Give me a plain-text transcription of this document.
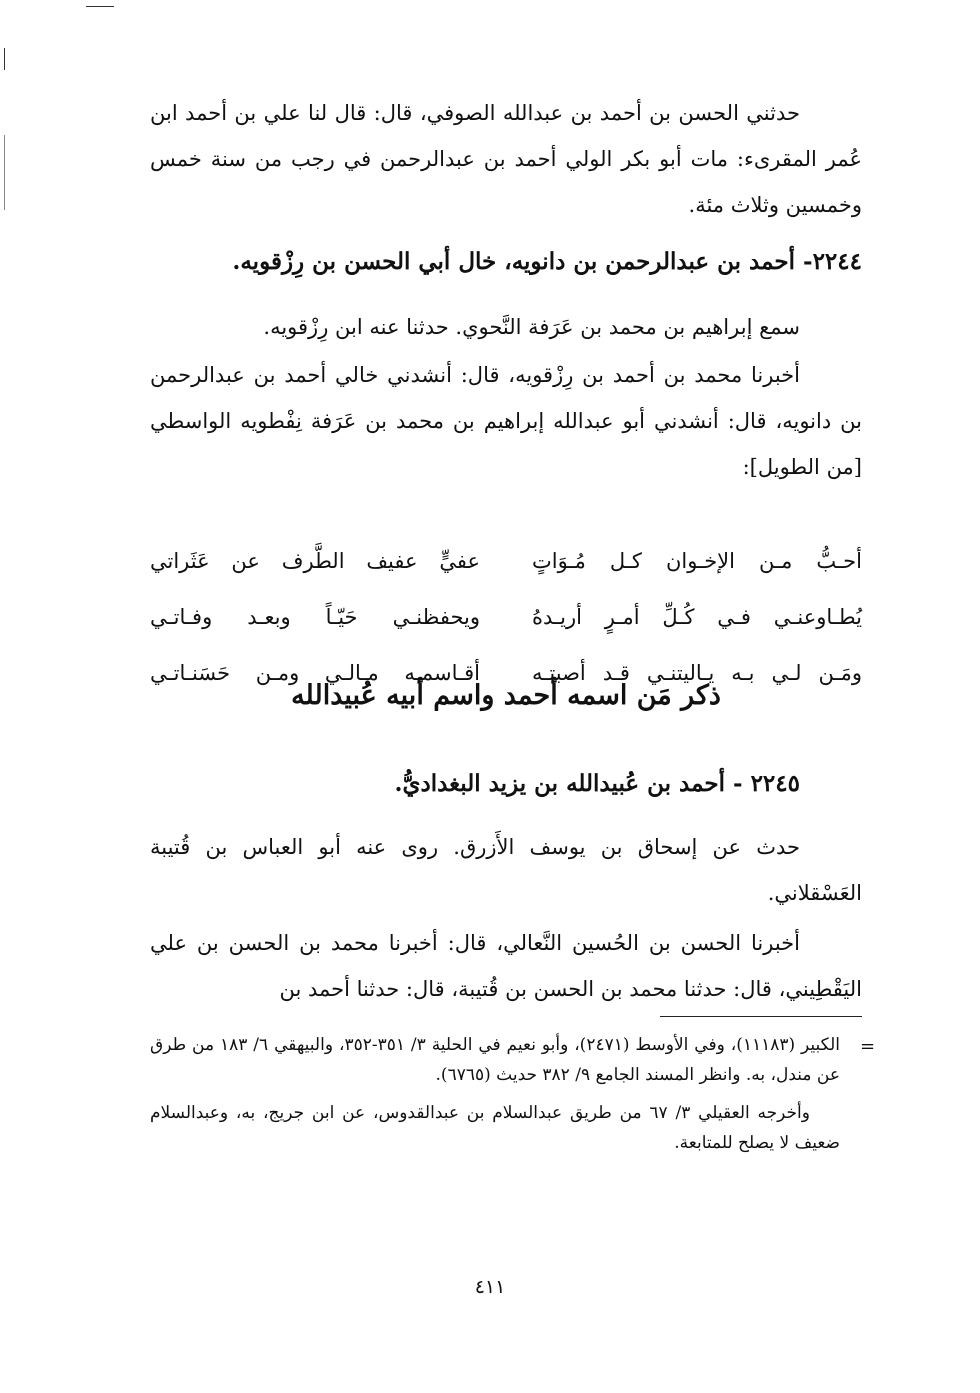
حدثني الحسن بن أحمد بن عبدالله الصوفي، قال: قال لنا علي بن أحمد ابن عُمر المقرىء: مات أبو بكر الولي أحمد بن عبدالرحمن في رجب من سنة خمس وخمسين وثلاث مئة.

٢٢٤٤- أحمد بن عبدالرحمن بن دانويه، خال أبي الحسن بن رِزْقويه.

سمع إبراهيم بن محمد بن عَرَفة النَّحوي. حدثنا عنه ابن رِزْقويه.

أخبرنا محمد بن أحمد بن رِزْقويه، قال: أنشدني خالي أحمد بن عبدالرحمن بن دانويه، قال: أنشدني أبو عبدالله إبراهيم بن محمد بن عَرَفة نِفْطويه الواسطي [من الطويل]:

أحـبُّ مـن الإخـوان كـل مُـوَاتٍ
عفيٍّ عفيف الطَّرف عن عَثَراتي
يُطـاوعنـي فـي كُـلِّ أمـرٍ أريـدهُ
ويحفظنـي حَيّـاً وبعـد وفـاتـي
ومَـن لـي بـه يـاليتنـي قـد أصبتـه
أقـاسمـه مـالـي ومـن حَسَنـاتـي
ذكر مَن اسمه أحمد واسم أبيه عُبيدالله

٢٢٤٥ - أحمد بن عُبيدالله بن يزيد البغداديُّ.

حدث عن إسحاق بن يوسف الأَزرق. روى عنه أبو العباس بن قُتيبة العَسْقلاني.

أخبرنا الحسن بن الحُسين النَّعالي، قال: أخبرنا محمد بن الحسن بن علي اليَقْطِيني، قال: حدثنا محمد بن الحسن بن قُتيبة، قال: حدثنا أحمد بن

=

الكبير (١١١٨٣)، وفي الأوسط (٢٤٧١)، وأبو نعيم في الحلية ٣/ ٣٥١-٣٥٢، والبيهقي ٦/ ١٨٣ من طرق عن مندل، به. وانظر المسند الجامع ٩/ ٣٨٢ حديث (٦٧٦٥).

وأخرجه العقيلي ٣/ ٦٧ من طريق عبدالسلام بن عبدالقدوس، عن ابن جريج، به، وعبدالسلام ضعيف لا يصلح للمتابعة.

٤١١
